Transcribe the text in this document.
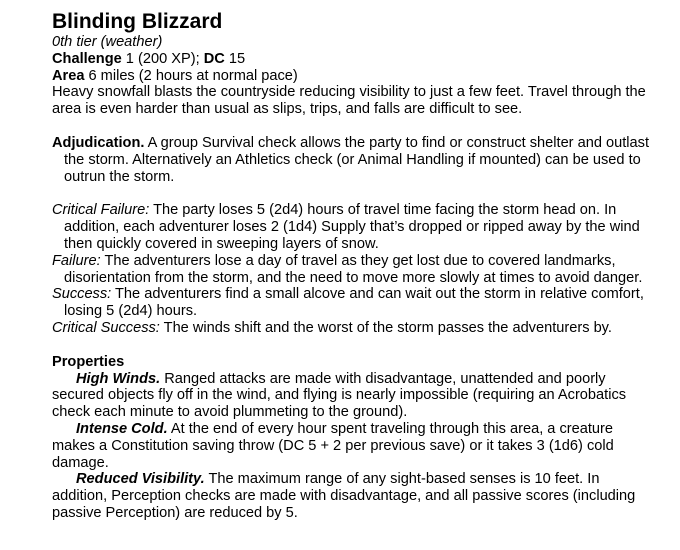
Blinding Blizzard

0th tier (weather)

Challenge 1 (200 XP); DC 15

Area 6 miles (2 hours at normal pace)

Heavy snowfall blasts the countryside reducing visibility to just a few feet. Travel through the area is even harder than usual as slips, trips, and falls are difficult to see.

Adjudication. A group Survival check allows the party to find or construct shelter and outlast the storm. Alternatively an Athletics check (or Animal Handling if mounted) can be used to outrun the storm.

Critical Failure: The party loses 5 (2d4) hours of travel time facing the storm head on. In addition, each adventurer loses 2 (1d4) Supply that’s dropped or ripped away by the wind then quickly covered in sweeping layers of snow.

Failure: The adventurers lose a day of travel as they get lost due to covered landmarks, disorientation from the storm, and the need to move more slowly at times to avoid danger.

Success: The adventurers find a small alcove and can wait out the storm in relative comfort, losing 5 (2d4) hours.

Critical Success: The winds shift and the worst of the storm passes the adventurers by.

Properties

High Winds. Ranged attacks are made with disadvantage, unattended and poorly secured objects fly off in the wind, and flying is nearly impossible (requiring an Acrobatics check each minute to avoid plummeting to the ground).

Intense Cold. At the end of every hour spent traveling through this area, a creature makes a Constitution saving throw (DC 5 + 2 per previous save) or it takes 3 (1d6) cold damage.

Reduced Visibility. The maximum range of any sight-based senses is 10 feet. In addition, Perception checks are made with disadvantage, and all passive scores (including passive Perception) are reduced by 5.
